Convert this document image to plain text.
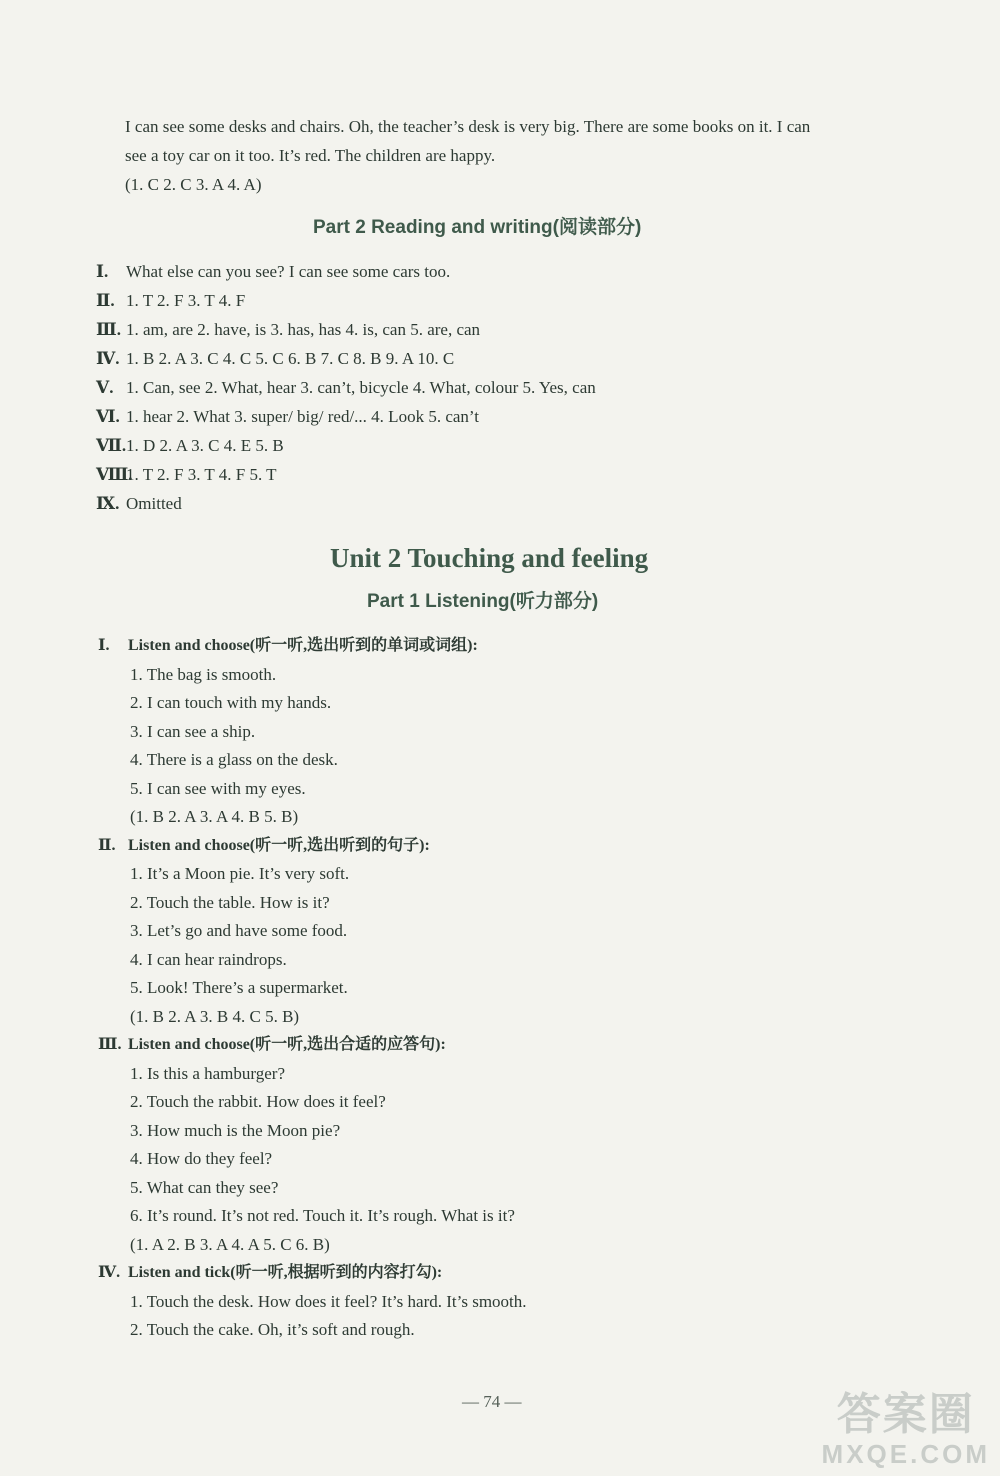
I can see some desks and chairs. Oh, the teacher’s desk is very big. There are some books on it. I can
see a toy car on it too. It’s red. The children are happy.
(1. C 2. C 3. A 4. A)
Part 2 Reading and writing(阅读部分)
Ⅰ. What else can you see? I can see some cars too.
Ⅱ. 1. T 2. F 3. T 4. F
Ⅲ. 1. am, are 2. have, is 3. has, has 4. is, can 5. are, can
Ⅳ. 1. B 2. A 3. C 4. C 5. C 6. B 7. C 8. B 9. A 10. C
Ⅴ. 1. Can, see 2. What, hear 3. can’t, bicycle 4. What, colour 5. Yes, can
Ⅵ. 1. hear 2. What 3. super/ big/ red/... 4. Look 5. can’t
Ⅶ.1. D 2. A 3. C 4. E 5. B
Ⅷ.1. T 2. F 3. T 4. F 5. T
Ⅸ. Omitted
Unit 2 Touching and feeling
Part 1 Listening(听力部分)
Ⅰ. Listen and choose(听一听,选出听到的单词或词组):
1. The bag is smooth.
2. I can touch with my hands.
3. I can see a ship.
4. There is a glass on the desk.
5. I can see with my eyes.
(1. B 2. A 3. A 4. B 5. B)
Ⅱ. Listen and choose(听一听,选出听到的句子):
1. It’s a Moon pie. It’s very soft.
2. Touch the table. How is it?
3. Let’s go and have some food.
4. I can hear raindrops.
5. Look! There’s a supermarket.
(1. B 2. A 3. B 4. C 5. B)
Ⅲ. Listen and choose(听一听,选出合适的应答句):
1. Is this a hamburger?
2. Touch the rabbit. How does it feel?
3. How much is the Moon pie?
4. How do they feel?
5. What can they see?
6. It’s round. It’s not red. Touch it. It’s rough. What is it?
(1. A 2. B 3. A 4. A 5. C 6. B)
Ⅳ. Listen and tick(听一听,根据听到的内容打勾):
1. Touch the desk. How does it feel? It’s hard. It’s smooth.
2. Touch the cake. Oh, it’s soft and rough.
— 74 —	答案圈
MXQE.COM
